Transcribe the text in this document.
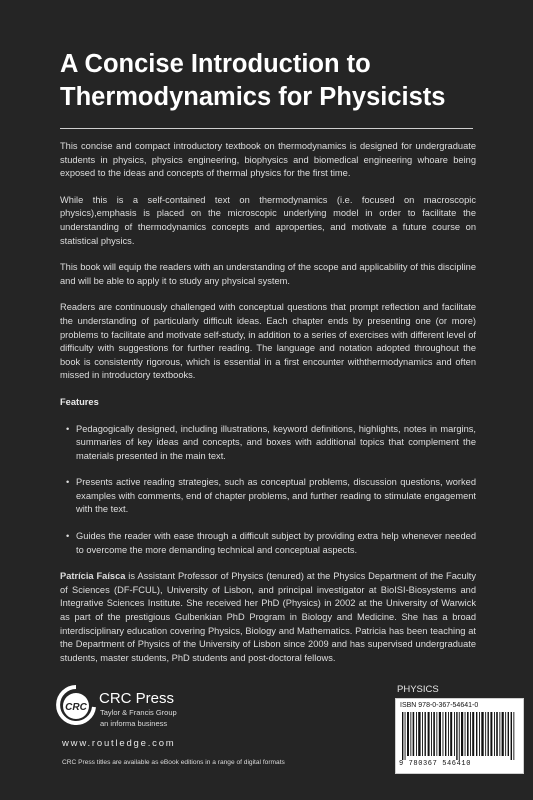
A Concise Introduction to
Thermodynamics for Physicists

This concise and compact introductory textbook on thermodynamics is designed for undergraduate students in physics, physics engineering, biophysics and biomedical engineering whoare being exposed to the ideas and concepts of thermal physics for the first time.

While this is a self-contained text on thermodynamics (i.e. focused on macroscopic physics),emphasis is placed on the microscopic underlying model in order to facilitate the understanding of thermodynamics concepts and aproperties, and motivate a future course on statistical physics.

This book will equip the readers with an understanding of the scope and applicability of this discipline and will be able to apply it to study any physical system.

Readers are continuously challenged with conceptual questions that prompt reflection and facilitate the understanding of particularly difficult ideas. Each chapter ends by presenting one (or more) problems to facilitate and motivate self-study, in addition to a series of exercises with different level of difficulty with suggestions for further reading. The language and notation adopted throughout the book is consistently rigorous, which is essential in a first encounter withthermodynamics and often missed in introductory textbooks.

Features

• Pedagogically designed, including illustrations, keyword definitions, highlights, notes in margins, summaries of key ideas and concepts, and boxes with additional topics that complement the materials presented in the main text.
• Presents active reading strategies, such as conceptual problems, discussion questions, worked examples with comments, end of chapter problems, and further reading to stimulate engagement with the text.
• Guides the reader with ease through a difficult subject by providing extra help whenever needed to overcome the more demanding technical and conceptual aspects.

Patrícia Faísca is Assistant Professor of Physics (tenured) at the Physics Department of the Faculty of Sciences (DF-FCUL), University of Lisbon, and principal investigator at BioISI-Biosystems and Integrative Sciences Institute. She received her PhD (Physics) in 2002 at the University of Warwick as part of the prestigious Gulbenkian PhD Program in Biology and Medicine. She has a broad interdisciplinary education covering Physics, Biology and Mathematics. Patricia has been teaching at the Department of Physics of the University of Lisbon since 2009 and has supervised undergraduate students, master students, PhD students and post-doctoral fellows.

PHYSICS
ISBN 978-0-367-54641-0
9 780367 546410
CRC
CRC Press
Taylor & Francis Group
an informa business
www.routledge.com
CRC Press titles are available as eBook editions in a range of digital formats
